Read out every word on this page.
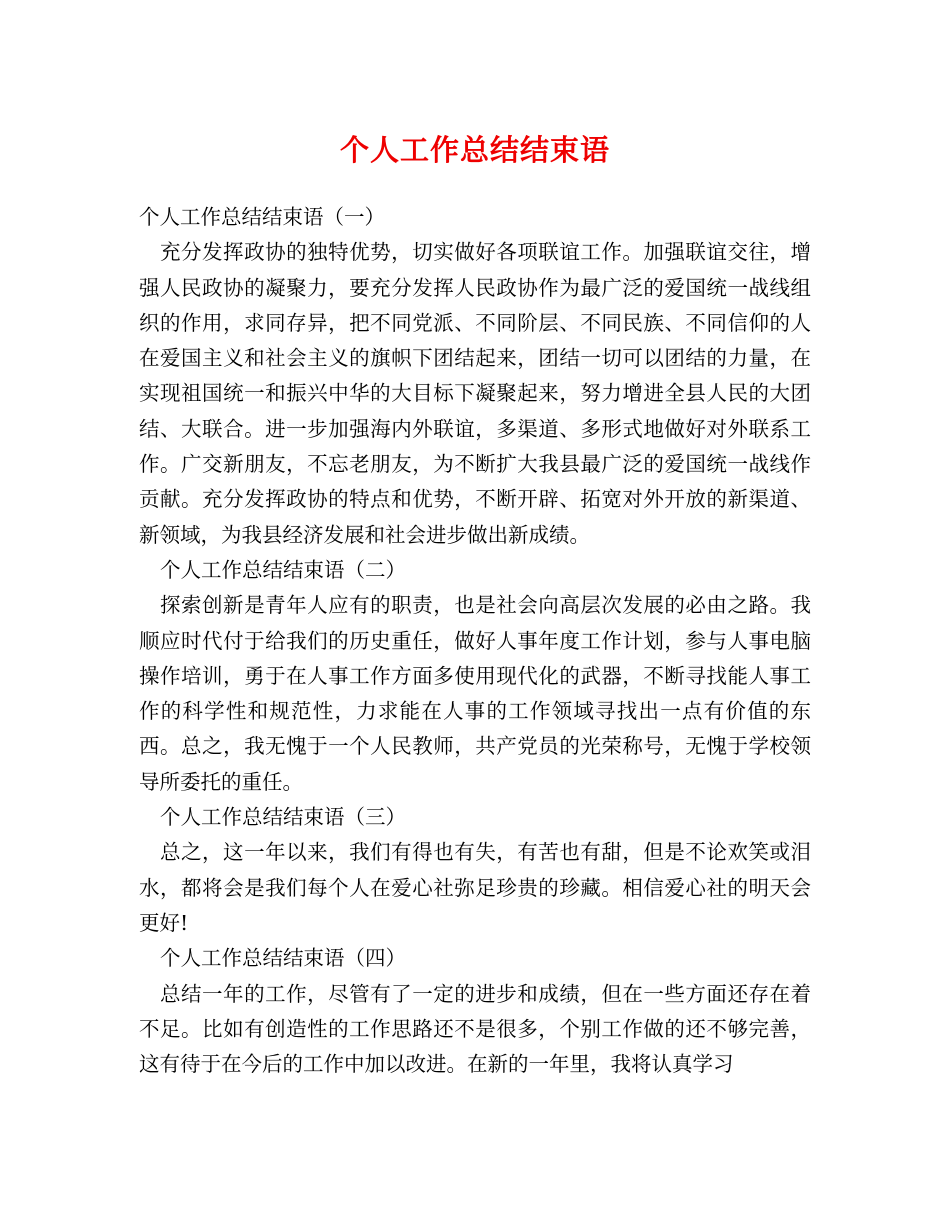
个人工作总结结束语

个人工作总结结束语（一）

充分发挥政协的独特优势，切实做好各项联谊工作。加强联谊交往，增强人民政协的凝聚力，要充分发挥人民政协作为最广泛的爱国统一战线组织的作用，求同存异，把不同党派、不同阶层、不同民族、不同信仰的人在爱国主义和社会主义的旗帜下团结起来，团结一切可以团结的力量，在实现祖国统一和振兴中华的大目标下凝聚起来，努力增进全县人民的大团结、大联合。进一步加强海内外联谊，多渠道、多形式地做好对外联系工作。广交新朋友，不忘老朋友，为不断扩大我县最广泛的爱国统一战线作贡献。充分发挥政协的特点和优势，不断开辟、拓宽对外开放的新渠道、新领域，为我县经济发展和社会进步做出新成绩。

个人工作总结结束语（二）

探索创新是青年人应有的职责，也是社会向高层次发展的必由之路。我顺应时代付于给我们的历史重任，做好人事年度工作计划，参与人事电脑操作培训，勇于在人事工作方面多使用现代化的武器，不断寻找能人事工作的科学性和规范性，力求能在人事的工作领域寻找出一点有价值的东西。总之，我无愧于一个人民教师，共产党员的光荣称号，无愧于学校领导所委托的重任。

个人工作总结结束语（三）

总之，这一年以来，我们有得也有失，有苦也有甜，但是不论欢笑或泪水，都将会是我们每个人在爱心社弥足珍贵的珍藏。相信爱心社的明天会更好!

个人工作总结结束语（四）

总结一年的工作，尽管有了一定的进步和成绩，但在一些方面还存在着不足。比如有创造性的工作思路还不是很多，个别工作做的还不够完善，这有待于在今后的工作中加以改进。在新的一年里，我将认真学习
